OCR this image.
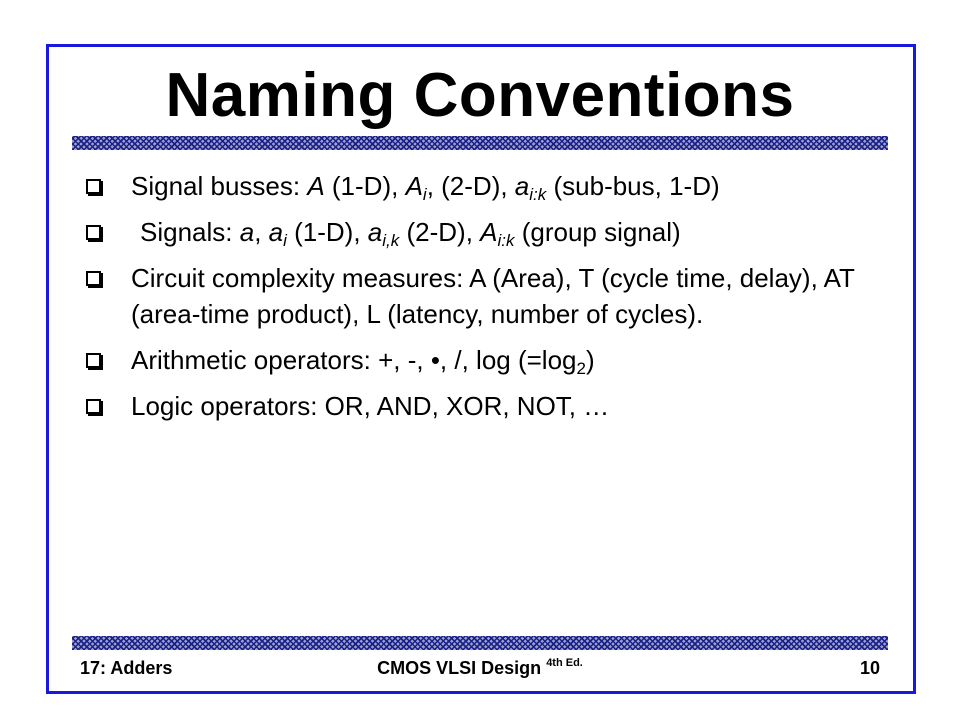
Naming Conventions
Signal busses: A (1-D), $A_i$, (2-D), $a_{i:k}$ (sub-bus, 1-D)
Signals: a, $a_i$ (1-D), $a_{i,k}$ (2-D), $A_{i:k}$ (group signal)
Circuit complexity measures: A (Area), T (cycle time, delay), AT (area-time product), L (latency, number of cycles).
Arithmetic operators: +, -, •, /, $\log (=\log_2)$
Logic operators: OR, AND, XOR, NOT, …
17: Adders	CMOS VLSI Design $^{4th Ed.}$	10
